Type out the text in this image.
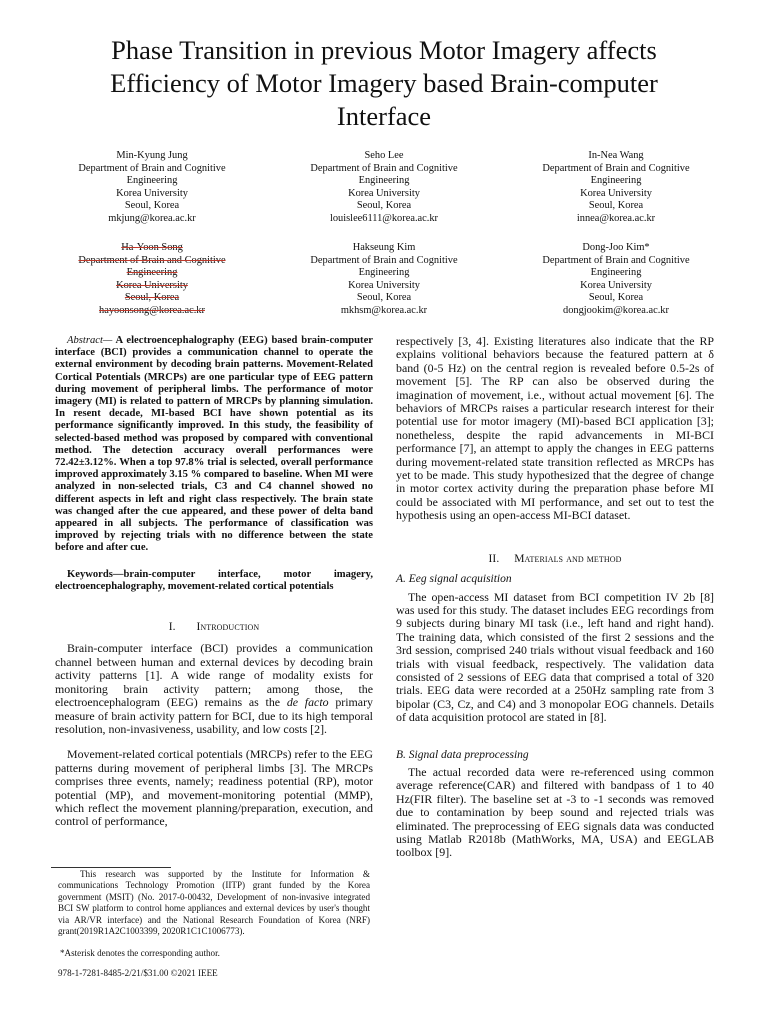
Phase Transition in previous Motor Imagery affects
Efficiency of Motor Imagery based Brain-computer
Interface
Min-Kyung Jung
Department of Brain and Cognitive
Engineering
Korea University
Seoul, Korea
mkjung@korea.ac.kr
Seho Lee
Department of Brain and Cognitive
Engineering
Korea University
Seoul, Korea
louislee6111@korea.ac.kr
In-Nea Wang
Department of Brain and Cognitive
Engineering
Korea University
Seoul, Korea
innea@korea.ac.kr
Ha-Yoon Song
Department of Brain and Cognitive
Engineering
Korea University
Seoul, Korea
hayoonsong@korea.ac.kr
Hakseung Kim
Department of Brain and Cognitive
Engineering
Korea University
Seoul, Korea
mkhsm@korea.ac.kr
Dong-Joo Kim*
Department of Brain and Cognitive
Engineering
Korea University
Seoul, Korea
dongjookim@korea.ac.kr

Abstract— A electroencephalography (EEG) based brain-computer interface (BCI) provides a communication channel to operate the external environment by decoding brain patterns. Movement-Related Cortical Potentials (MRCPs) are one particular type of EEG pattern during movement of peripheral limbs. The performance of motor imagery (MI) is related to pattern of MRCPs by planning simulation. In resent decade, MI-based BCI have shown potential as its performance significantly improved. In this study, the feasibility of selected-based method was proposed by compared with conventional method. The detection accuracy overall performances were 72.42±3.12%. When a top 97.8% trial is selected, overall performance improved approximately 3.15 % compared to baseline. When MI were analyzed in non-selected trials, C3 and C4 channel showed no different aspects in left and right class respectively. The brain state was changed after the cue appeared, and these power of delta band appeared in all subjects. The performance of classification was improved by rejecting trials with no difference between the state before and after cue.

Keywords—brain-computer interface, motor imagery, electroencephalography, movement-related cortical potentials

I. Introduction

Brain-computer interface (BCI) provides a communication channel between human and external devices by decoding brain activity patterns [1]. A wide range of modality exists for monitoring brain activity pattern; among those, the electroencephalogram (EEG) remains as the de facto primary measure of brain activity pattern for BCI, due to its high temporal resolution, non-invasiveness, usability, and low costs [2].

Movement-related cortical potentials (MRCPs) refer to the EEG patterns during movement of peripheral limbs [3]. The MRCPs comprises three events, namely; readiness potential (RP), motor potential (MP), and movement-monitoring potential (MMP), which reflect the movement planning/preparation, execution, and control of performance,

This research was supported by the Institute for Information & communications Technology Promotion (IITP) grant funded by the Korea government (MSIT) (No. 2017-0-00432, Development of non-invasive integrated BCI SW platform to control home appliances and external devices by user's thought via AR/VR interface) and the National Research Foundation of Korea (NRF) grant(2019R1A2C1003399, 2020R1C1C1006773).
*Asterisk denotes the corresponding author.
978-1-7281-8485-2/21/$31.00 ©2021 IEEE

respectively [3, 4]. Existing literatures also indicate that the RP explains volitional behaviors because the featured pattern at δ band (0-5 Hz) on the central region is revealed before 0.5-2s of movement [5]. The RP can also be observed during the imagination of movement, i.e., without actual movement [6]. The behaviors of MRCPs raises a particular research interest for their potential use for motor imagery (MI)-based BCI application [3]; nonetheless, despite the rapid advancements in MI-BCI performance [7], an attempt to apply the changes in EEG patterns during movement-related state transition reflected as MRCPs has yet to be made. This study hypothesized that the degree of change in motor cortex activity during the preparation phase before MI could be associated with MI performance, and set out to test the hypothesis using an open-access MI-BCI dataset.

II. Materials and method
A. Eeg signal acquisition

The open-access MI dataset from BCI competition IV 2b [8] was used for this study. The dataset includes EEG recordings from 9 subjects during binary MI task (i.e., left hand and right hand). The training data, which consisted of the first 2 sessions and the 3rd session, comprised 240 trials without visual feedback and 160 trials with visual feedback, respectively. The validation data consisted of 2 sessions of EEG data that comprised a total of 320 trials. EEG data were recorded at a 250Hz sampling rate from 3 bipolar (C3, Cz, and C4) and 3 monopolar EOG channels. Details of data acquisition protocol are stated in [8].

B. Signal data preprocessing

The actual recorded data were re-referenced using common average reference(CAR) and filtered with bandpass of 1 to 40 Hz(FIR filter). The baseline set at -3 to -1 seconds was removed due to contamination by beep sound and rejected trials was eliminated. The preprocessing of EEG signals data was conducted using Matlab R2018b (MathWorks, MA, USA) and EEGLAB toolbox [9].
